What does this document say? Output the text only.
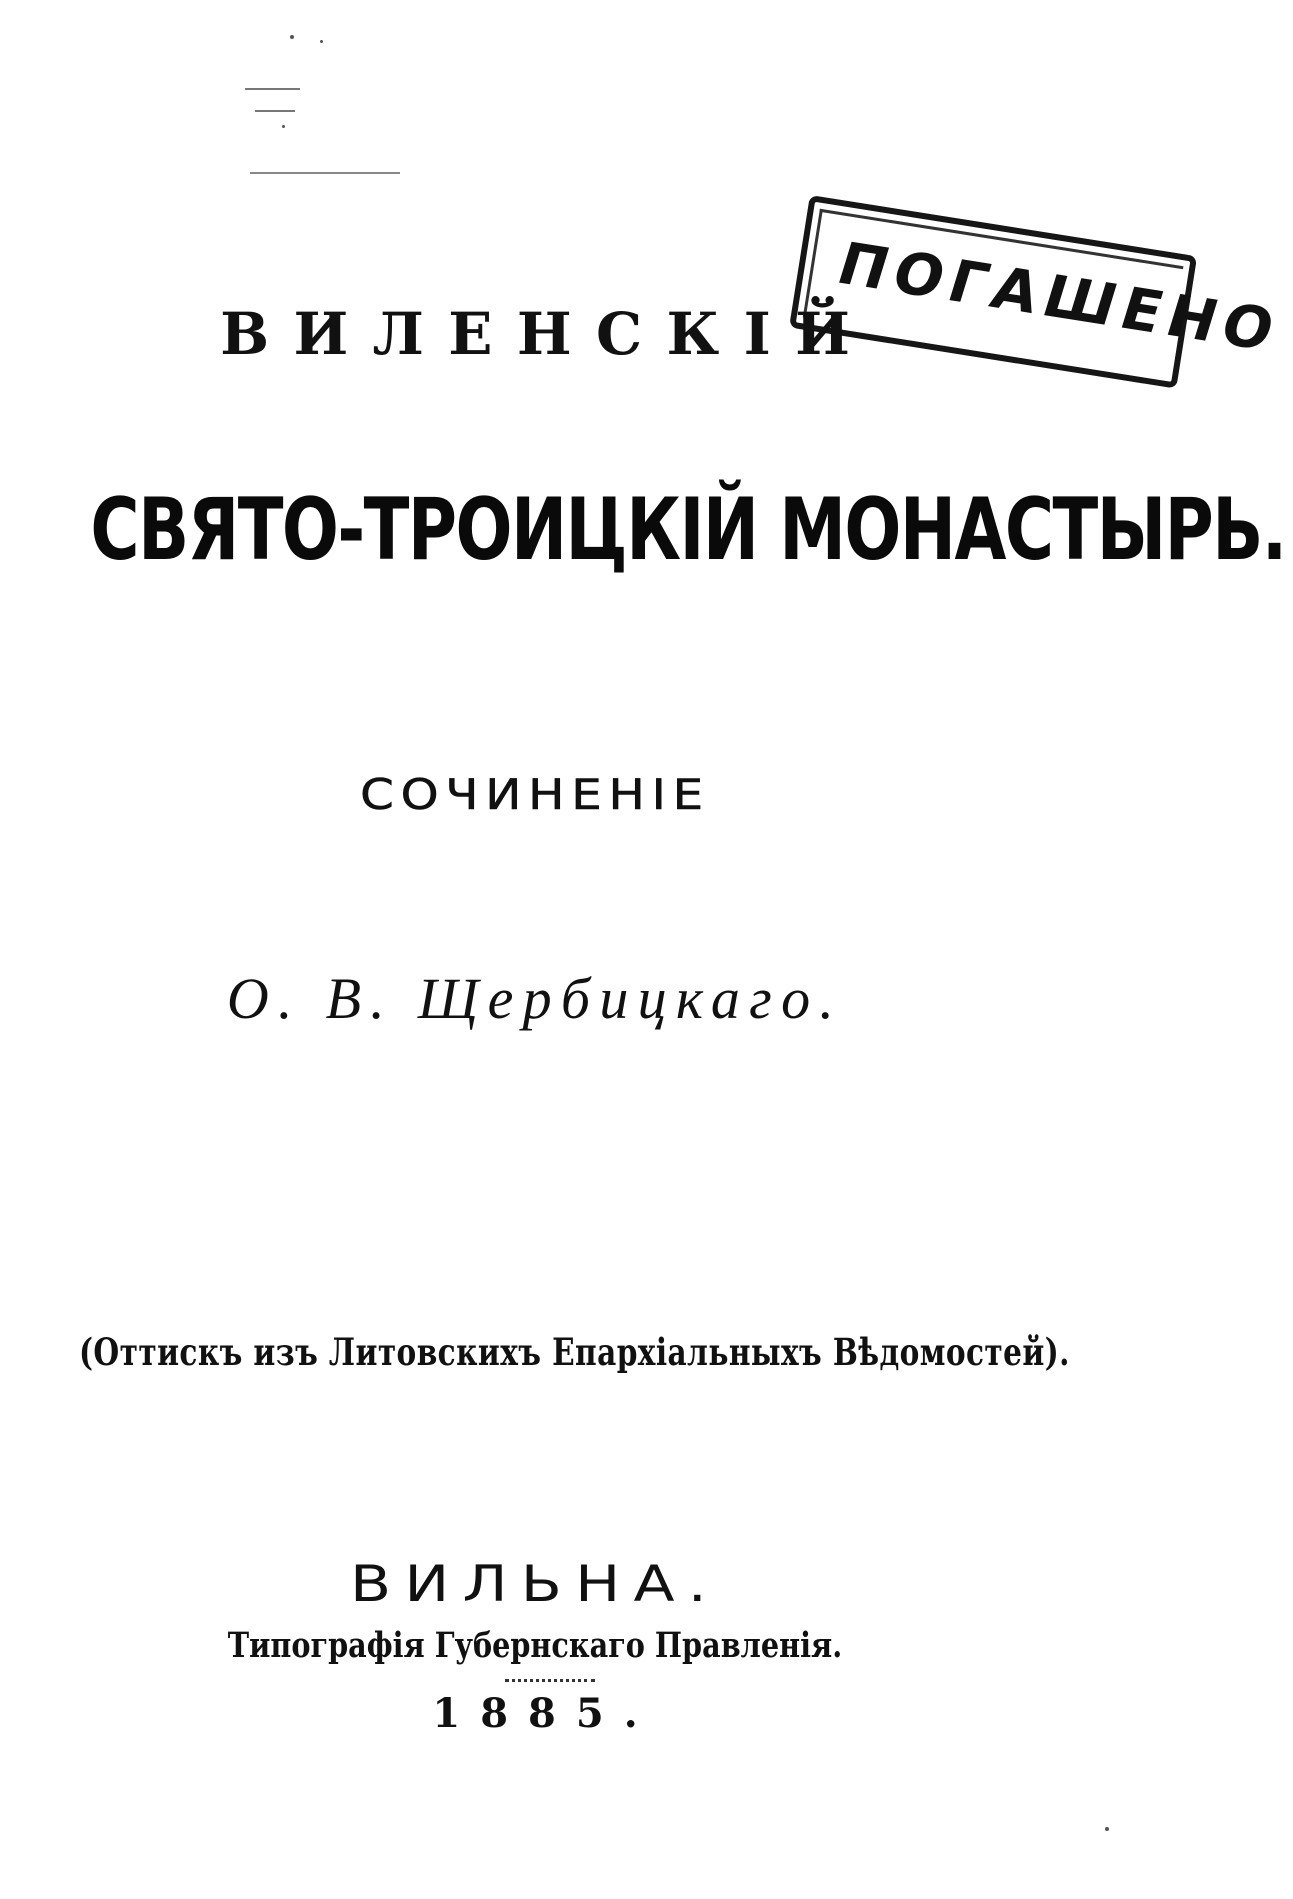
ПОГАШЕНО
ВИЛЕНСКІЙ
СВЯТО-ТРОИЦКІЙ МОНАСТЫРЬ.
СОЧИНЕНІЕ
О. В. Щербицкаго.
(Оттискъ изъ Литовскихъ Епархіальныхъ Вѣдомостей).
ВИЛЬНА.
Типографія Губернскаго Правленія.
1885.
